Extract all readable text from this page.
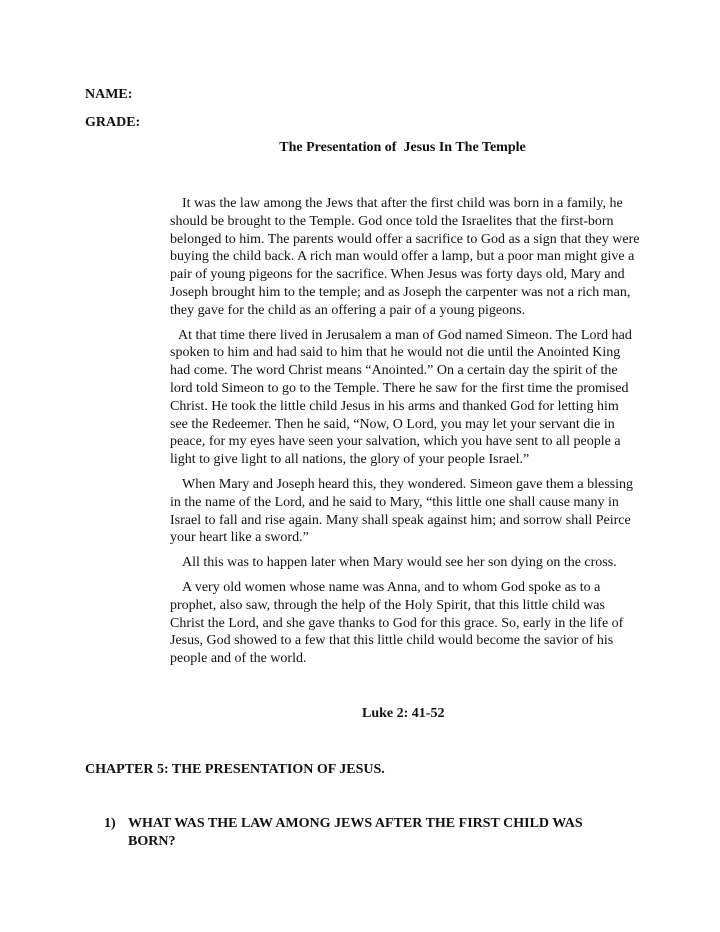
NAME:
GRADE:
The Presentation of  Jesus In The Temple

It was the law among the Jews that after the first child was born in a family, he should be brought to the Temple. God once told the Israelites that the first-born belonged to him. The parents would offer a sacrifice to God as a sign that they were buying the child back. A rich man would offer a lamp, but a poor man might give a pair of young pigeons for the sacrifice. When Jesus was forty days old, Mary and Joseph brought him to the temple; and as Joseph the carpenter was not a rich man, they gave for the child as an offering a pair of a young pigeons.

At that time there lived in Jerusalem a man of God named Simeon. The Lord had spoken to him and had said to him that he would not die until the Anointed King had come. The word Christ means “Anointed.” On a certain day the spirit of the lord told Simeon to go to the Temple. There he saw for the first time the promised Christ. He took the little child Jesus in his arms and thanked God for letting him see the Redeemer. Then he said, “Now, O Lord, you may let your servant die in peace, for my eyes have seen your salvation, which you have sent to all people a light to give light to all nations, the glory of your people Israel.”

When Mary and Joseph heard this, they wondered. Simeon gave them a blessing in the name of the Lord, and he said to Mary, “this little one shall cause many in Israel to fall and rise again. Many shall speak against him; and sorrow shall Peirce your heart like a sword.”

All this was to happen later when Mary would see her son dying on the cross.

A very old women whose name was Anna, and to whom God spoke as to a prophet, also saw, through the help of the Holy Spirit, that this little child was Christ the Lord, and she gave thanks to God for this grace. So, early in the life of Jesus, God showed to a few that this little child would become the savior of his people and of the world.

Luke 2: 41-52
CHAPTER 5: THE PRESENTATION OF JESUS.
1) WHAT WAS THE LAW AMONG JEWS AFTER THE FIRST CHILD WAS BORN?
